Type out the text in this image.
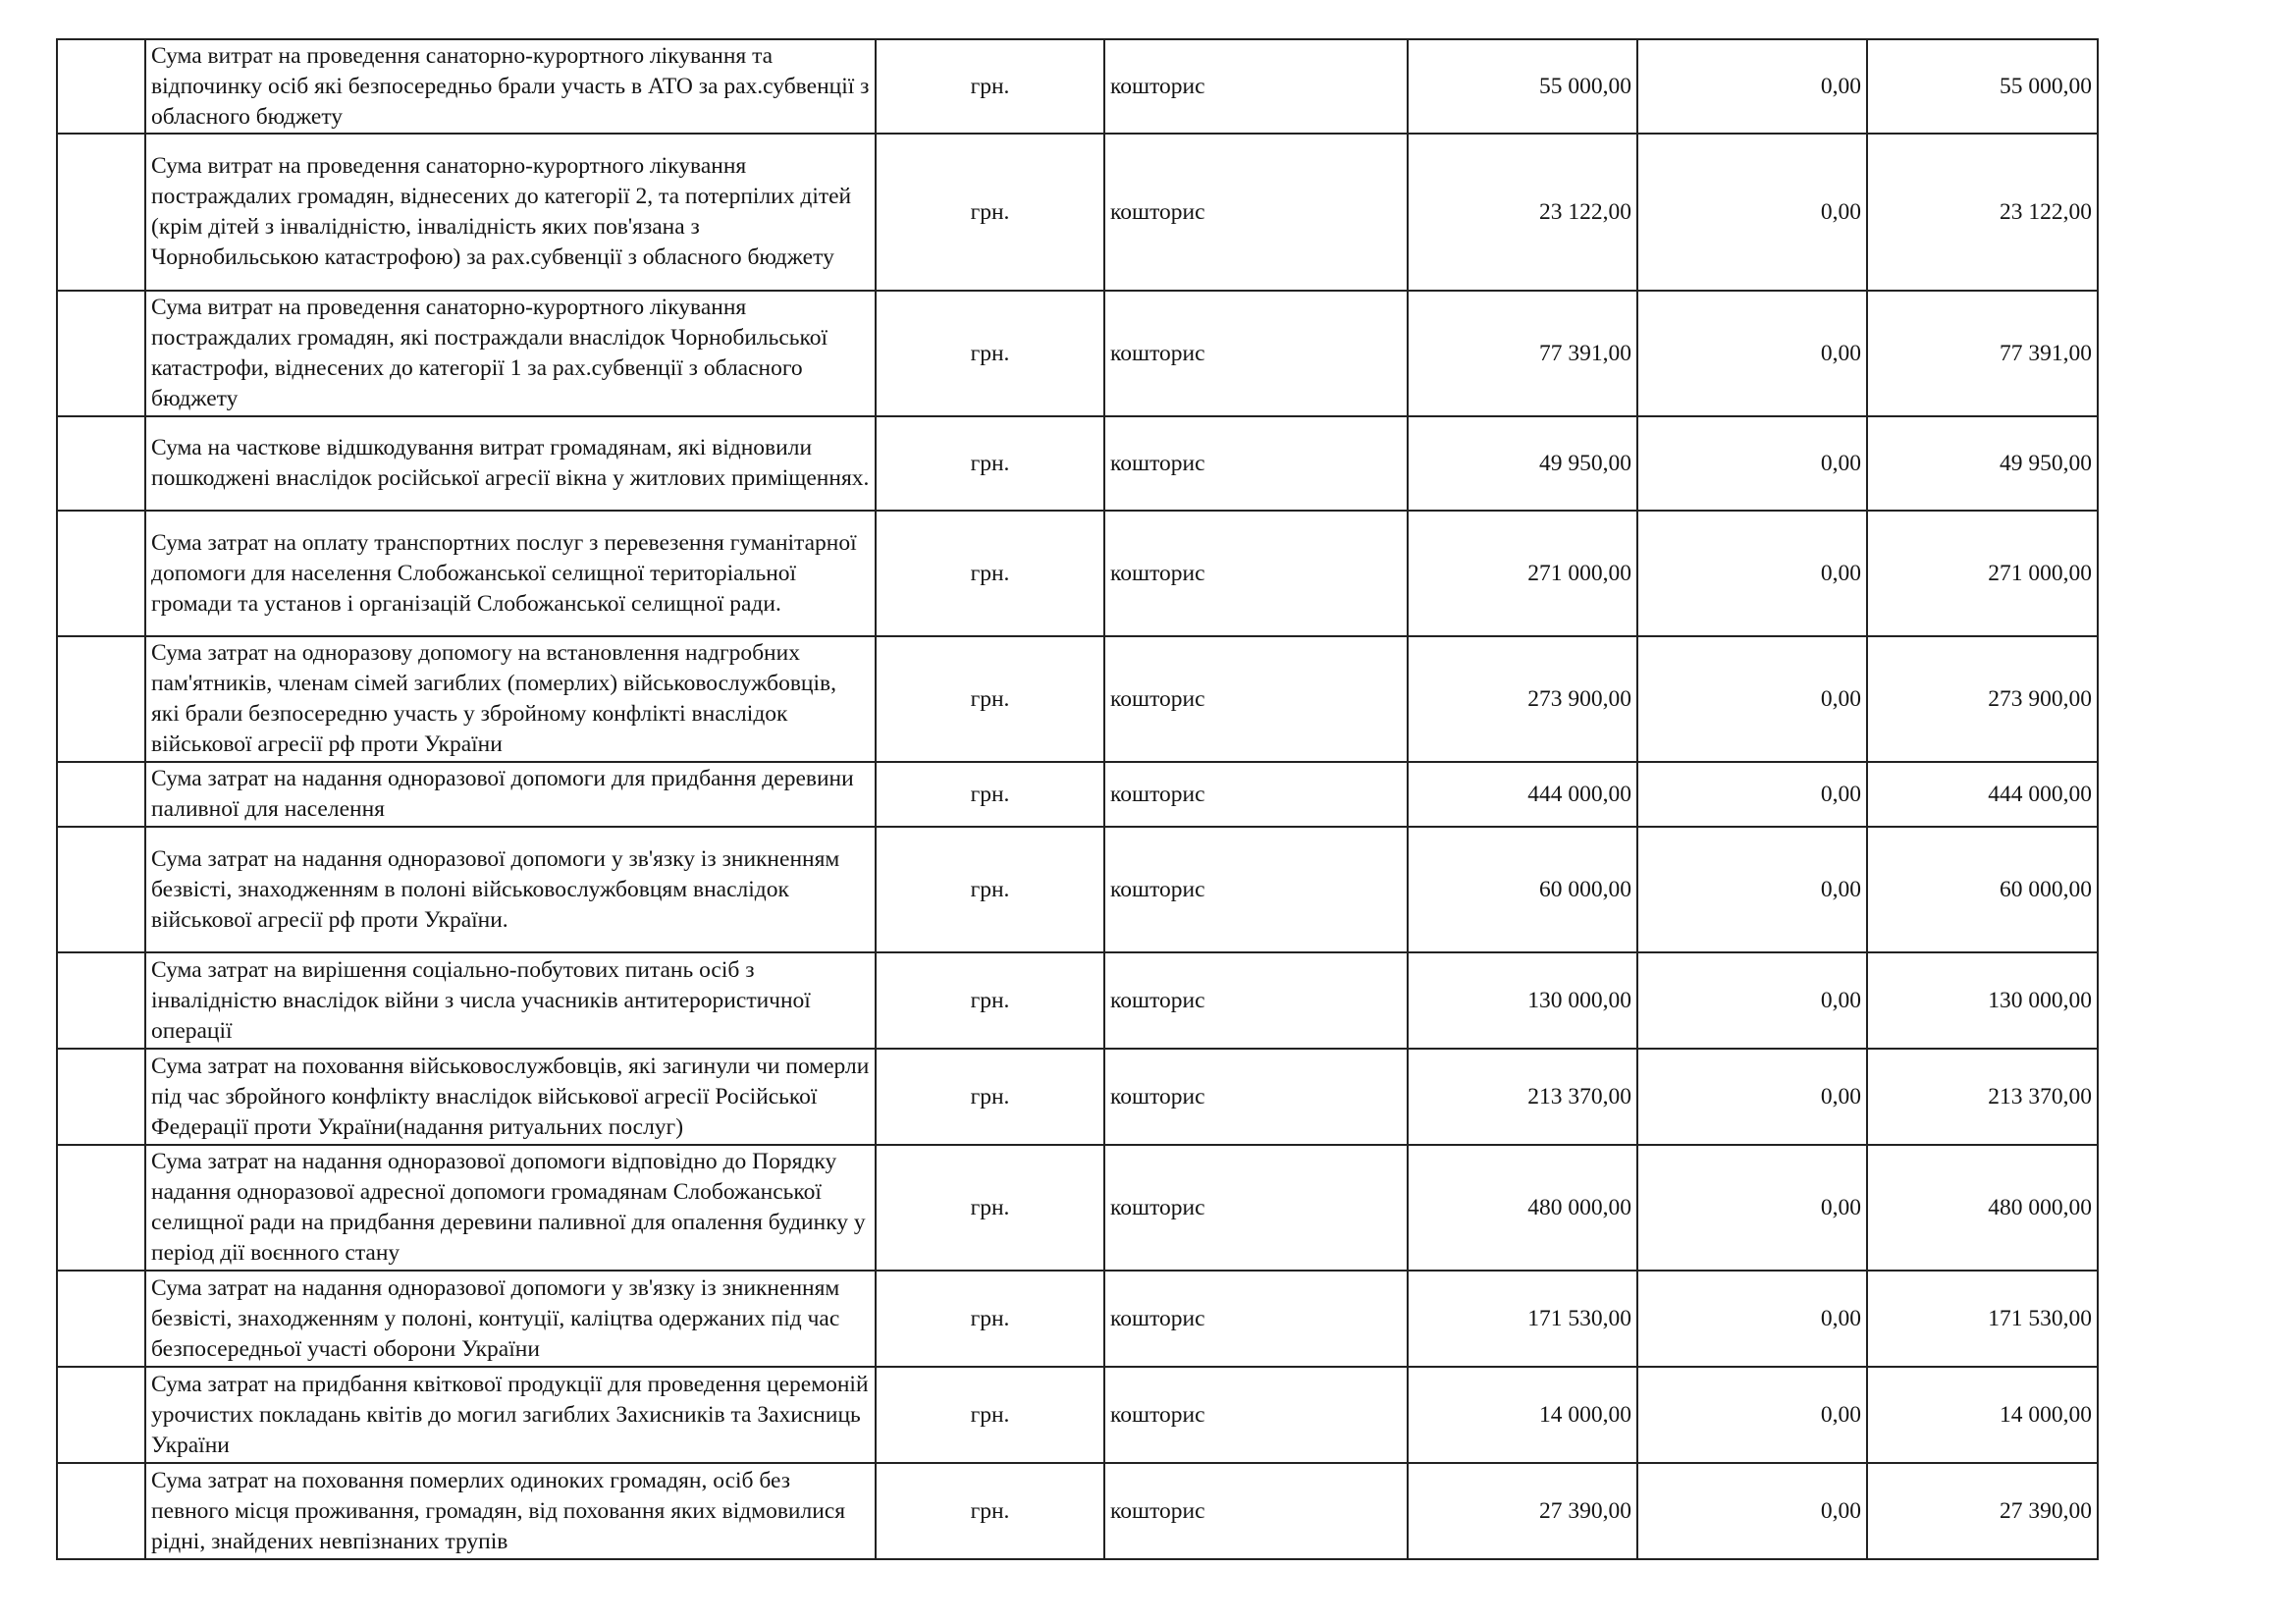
	Сума витрат на проведення санаторно-курортного лікування та відпочинку осіб які безпосередньо брали участь в АТО за рах.субвенції з обласного бюджету	грн.	кошторис	55 000,00	0,00	55 000,00
	Сума витрат на проведення санаторно-курортного лікування постраждалих громадян, віднесених до категорії 2, та потерпілих дітей (крім дітей з інвалідністю, інвалідність яких пов'язана з Чорнобильською катастрофою) за рах.субвенції з обласного бюджету	грн.	кошторис	23 122,00	0,00	23 122,00
	Сума витрат на проведення санаторно-курортного лікування постраждалих громадян, які постраждали внаслідок Чорнобильської катастрофи, віднесених до категорії 1 за рах.субвенції з обласного бюджету	грн.	кошторис	77 391,00	0,00	77 391,00
	Сума на часткове відшкодування витрат громадянам, які відновили пошкоджені внаслідок російської агресії вікна у житлових приміщеннях.	грн.	кошторис	49 950,00	0,00	49 950,00
	Сума затрат на оплату транспортних послуг з перевезення гуманітарної допомоги для населення Слобожанської селищної територіальної громади та установ і організацій Слобожанської селищної ради.	грн.	кошторис	271 000,00	0,00	271 000,00
	Сума затрат на одноразову допомогу на встановлення надгробних пам'ятників, членам сімей загиблих (померлих) військовослужбовців, які брали безпосередню участь у збройному конфлікті внаслідок військової агресії рф проти України	грн.	кошторис	273 900,00	0,00	273 900,00
	Сума затрат на надання одноразової допомоги для придбання деревини паливної для населення	грн.	кошторис	444 000,00	0,00	444 000,00
	Сума затрат на надання одноразової допомоги у зв'язку із зникненням безвісті, знаходженням в полоні військовослужбовцям внаслідок військової агресії рф проти України.	грн.	кошторис	60 000,00	0,00	60 000,00
	Сума затрат на вирішення соціально-побутових питань осіб з інвалідністю внаслідок війни з числа учасників антитерористичної операції	грн.	кошторис	130 000,00	0,00	130 000,00
	Сума затрат на поховання військовослужбовців, які загинули чи померли під час збройного конфлікту внаслідок військової агресії Російської Федерації проти України(надання ритуальних послуг)	грн.	кошторис	213 370,00	0,00	213 370,00
	Сума затрат на надання одноразової допомоги відповідно до Порядку надання одноразової адресної допомоги громадянам Слобожанської селищної ради на придбання деревини паливної для опалення будинку у період дії воєнного стану	грн.	кошторис	480 000,00	0,00	480 000,00
	Сума затрат на надання одноразової допомоги у зв'язку із зникненням безвісті, знаходженням у полоні, контуції, каліцтва одержаних під час безпосередньої участі оборони України	грн.	кошторис	171 530,00	0,00	171 530,00
	Сума затрат на придбання квіткової продукції для проведення церемоній урочистих покладань квітів до могил загиблих Захисників та Захисниць України	грн.	кошторис	14 000,00	0,00	14 000,00
	Сума затрат на поховання померлих одиноких громадян, осіб без певного місця проживання, громадян, від поховання яких відмовилися рідні, знайдених невпізнаних трупів	грн.	кошторис	27 390,00	0,00	27 390,00
